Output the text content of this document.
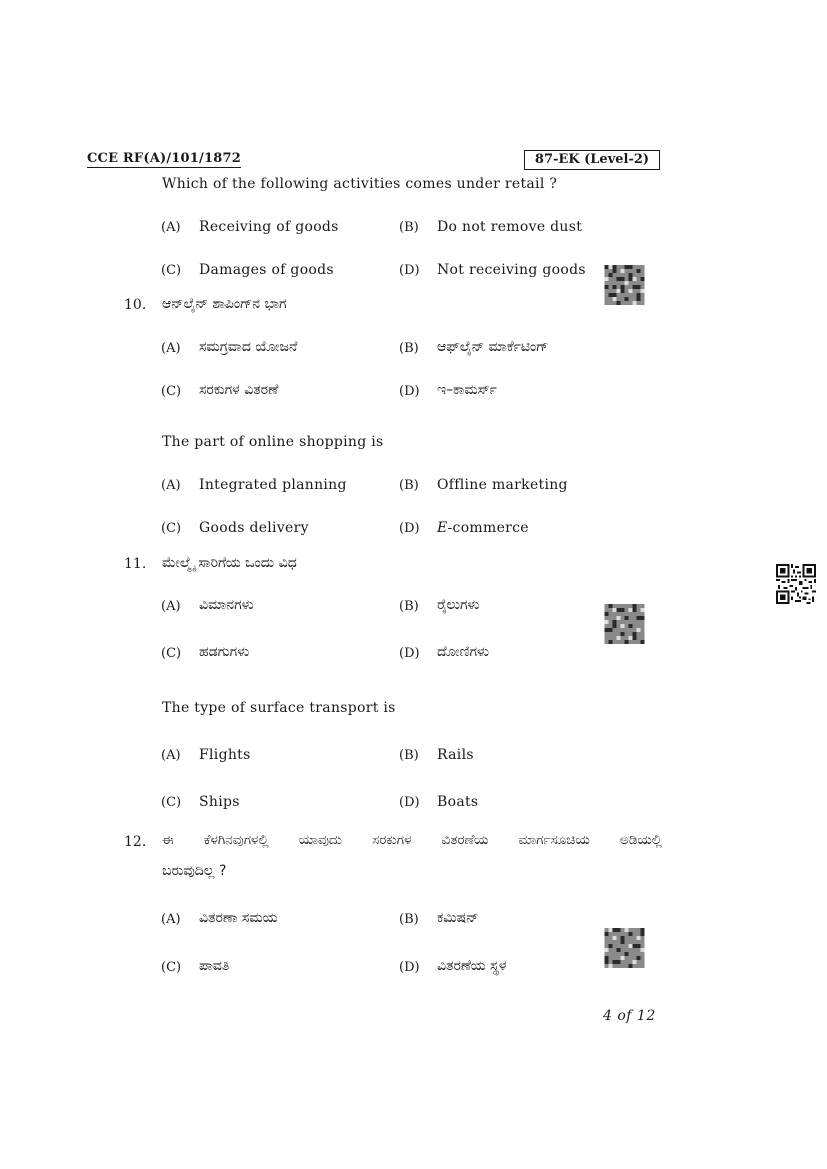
CCE RF(A)/101/1872	87-EK (Level-2)
Which of the following activities comes under retail ?
(A) Receiving of goods	(B) Do not remove dust
(C) Damages of goods	(D) Not receiving goods
10. ಆನ್‌ಲೈನ್ ಶಾಪಿಂಗ್‌ನ ಭಾಗ
(A) ಸಮಗ್ರವಾದ ಯೋಜನೆ	(B) ಆಫ್‌ಲೈನ್ ಮಾರ್ಕೆಟಿಂಗ್
(C) ಸರಕುಗಳ ವಿತರಣೆ	(D) ಇ–ಕಾಮರ್ಸ್
The part of online shopping is
(A) Integrated planning	(B) Offline marketing
(C) Goods delivery	(D) E-commerce
11. ಮೇಲ್ಮೈ ಸಾರಿಗೆಯ ಒಂದು ವಿಧ
(A) ವಿಮಾನಗಳು	(B) ರೈಲುಗಳು
(C) ಹಡಗುಗಳು	(D) ದೋಣಿಗಳು
The type of surface transport is
(A) Flights	(B) Rails
(C) Ships	(D) Boats
12. ಈ ಕೆಳಗಿನವುಗಳಲ್ಲಿ ಯಾವುದು ಸರಕುಗಳ ವಿತರಣೆಯ ಮಾರ್ಗಸೂಚಿಯ ಅಡಿಯಲ್ಲಿ
ಬರುವುದಿಲ್ಲ ?
(A) ವಿತರಣಾ ಸಮಯ	(B) ಕಮಿಷನ್
(C) ಪಾವತಿ	(D) ವಿತರಣೆಯ ಸ್ಥಳ
4 of 12
